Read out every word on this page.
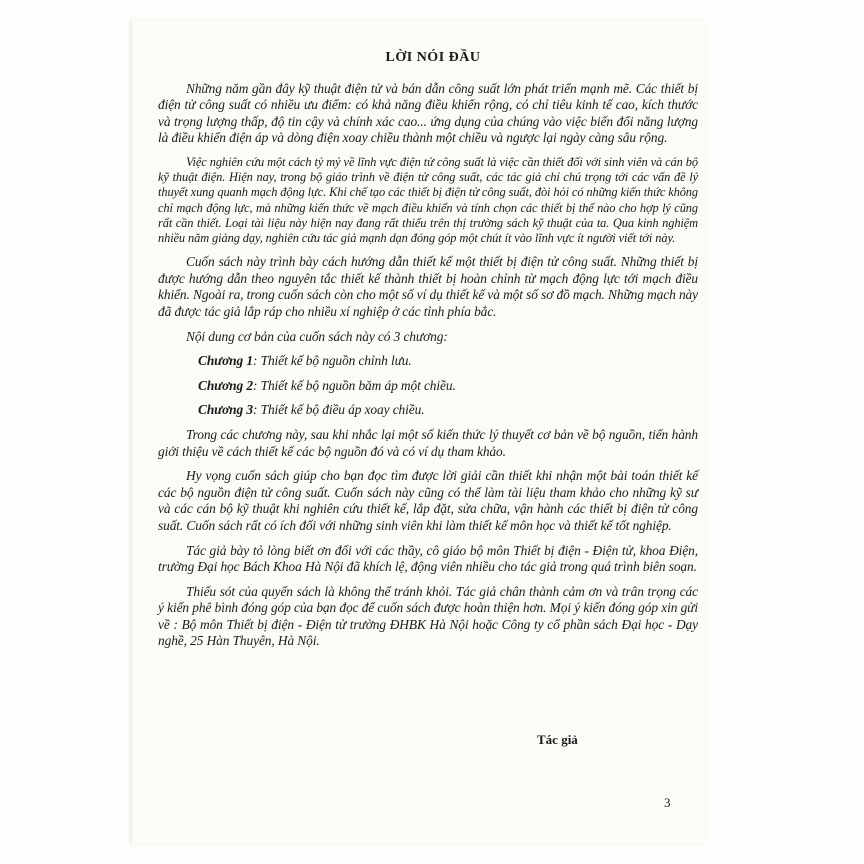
LỜI NÓI ĐẦU

Những năm gần đây kỹ thuật điện tử và bán dẫn công suất lớn phát triển mạnh mẽ. Các thiết bị điện tử công suất có nhiều ưu điểm: có khả năng điều khiển rộng, có chỉ tiêu kinh tế cao, kích thước và trọng lượng thấp, độ tin cậy và chính xác cao... ứng dụng của chúng vào việc biến đổi năng lượng là điều khiển điện áp và dòng điện xoay chiều thành một chiều và ngược lại ngày càng sâu rộng.

Việc nghiên cứu một cách tỷ mỷ về lĩnh vực điện tử công suất là việc cần thiết đối với sinh viên và cán bộ kỹ thuật điện. Hiện nay, trong bộ giáo trình về điện tử công suất, các tác giả chỉ chú trọng tới các vấn đề lý thuyết xung quanh mạch động lực. Khi chế tạo các thiết bị điện tử công suất, đòi hỏi có những kiến thức không chỉ mạch động lực, mà những kiến thức về mạch điều khiển và tính chọn các thiết bị thế nào cho hợp lý cũng rất cần thiết. Loại tài liệu này hiện nay đang rất thiếu trên thị trường sách kỹ thuật của ta. Qua kinh nghiệm nhiều năm giảng dạy, nghiên cứu tác giả mạnh dạn đóng góp một chút ít vào lĩnh vực ít người viết tới này.

Cuốn sách này trình bày cách hướng dẫn thiết kế một thiết bị điện tử công suất. Những thiết bị được hướng dẫn theo nguyên tắc thiết kế thành thiết bị hoàn chỉnh từ mạch động lực tới mạch điều khiển. Ngoài ra, trong cuốn sách còn cho một số ví dụ thiết kế và một số sơ đồ mạch. Những mạch này đã được tác giả lắp ráp cho nhiều xí nghiệp ở các tỉnh phía bắc.

Nội dung cơ bản của cuốn sách này có 3 chương:

Chương 1: Thiết kế bộ nguồn chỉnh lưu.
Chương 2: Thiết kế bộ nguồn băm áp một chiều.
Chương 3: Thiết kế bộ điều áp xoay chiều.

Trong các chương này, sau khi nhắc lại một số kiến thức lý thuyết cơ bản về bộ nguồn, tiến hành giới thiệu về cách thiết kế các bộ nguồn đó và có ví dụ tham khảo.

Hy vọng cuốn sách giúp cho bạn đọc tìm được lời giải cần thiết khi nhận một bài toán thiết kế các bộ nguồn điện tử công suất. Cuốn sách này cũng có thể làm tài liệu tham khảo cho những kỹ sư và các cán bộ kỹ thuật khi nghiên cứu thiết kế, lắp đặt, sửa chữa, vận hành các thiết bị điện tử công suất. Cuốn sách rất có ích đối với những sinh viên khi làm thiết kế môn học và thiết kế tốt nghiệp.

Tác giả bày tỏ lòng biết ơn đối với các thầy, cô giáo bộ môn Thiết bị điện - Điện tử, khoa Điện, trường Đại học Bách Khoa Hà Nội đã khích lệ, động viên nhiều cho tác giả trong quá trình biên soạn.

Thiếu sót của quyển sách là không thể tránh khỏi. Tác giả chân thành cảm ơn và trân trọng các ý kiến phê bình đóng góp của bạn đọc để cuốn sách được hoàn thiện hơn. Mọi ý kiến đóng góp xin gửi về : Bộ môn Thiết bị điện - Điện tử trường ĐHBK Hà Nội hoặc Công ty cổ phần sách Đại học - Dạy nghề, 25 Hàn Thuyên, Hà Nội.

Tác giả
3
